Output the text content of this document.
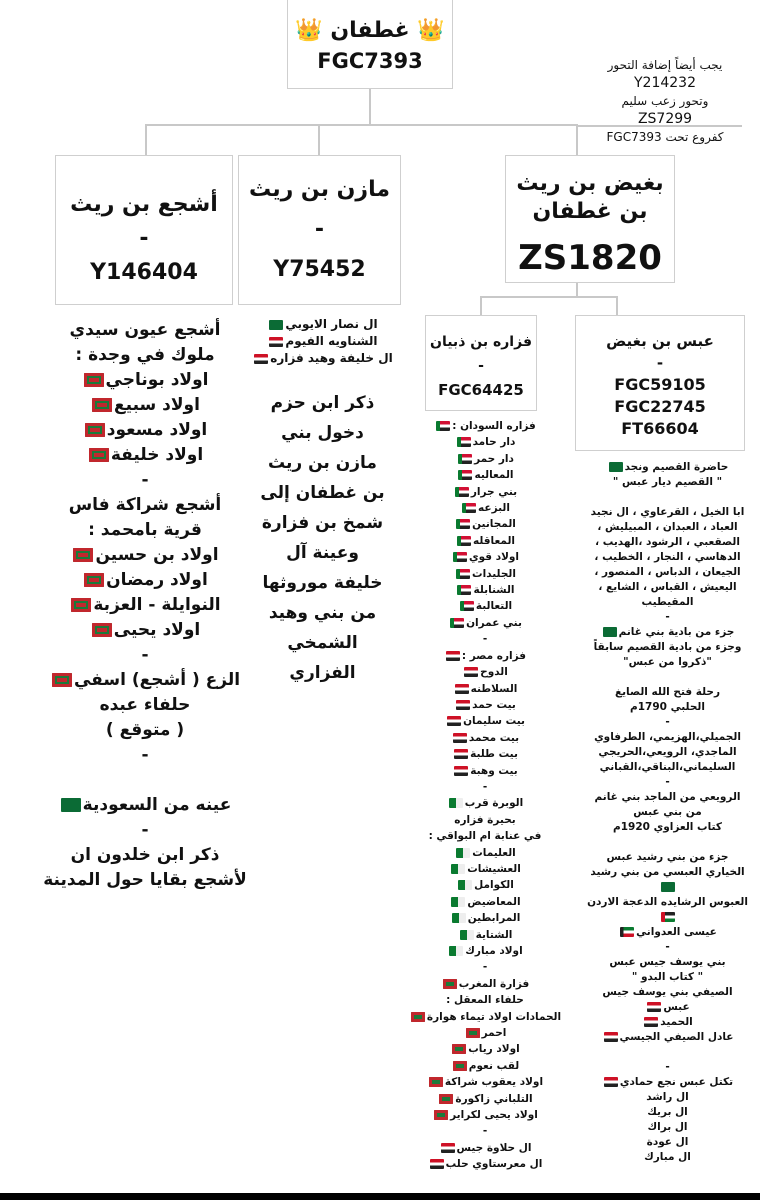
👑 غطفان 👑
FGC7393	يجب أيضاً إضافة التحور
Y214232
وتحور زعب سليم
ZS7299
كفروع تحت FGC7393
أشجع بن ريث
-
Y146404
مازن بن ريث
-
Y75452
بغيض بن ريث
بن غطفان
ZS1820
فزاره بن ذبيان
-
FGC64425
عبس بن بغيض
-
FGC59105
FGC22745
FT66604
أشجع عيون سيدي
ملوك في وجدة :
اولاد بوناجي
اولاد سبيع
اولاد مسعود
اولاد خليفة
-
أشجع شراكة فاس
قرية بامحمد :
اولاد بن حسين
اولاد رمضان
النوايلة - العزبة
اولاد يحيى
-
الزع ( أشجع) اسفي
حلفاء عبده
( متوقع )
-

عينه من السعودية
-
ذكر ابن خلدون ان
لأشجع بقايا حول المدينة
ال نصار الايوبي
الشناويه الفيوم
ال خليفة وهيد فزاره
ذكر ابن حزم
دخول بني
مازن بن ريث
بن غطفان إلى
شمخ بن فزارة
وعينة آل
خليفة موروثها
من بني وهيد
الشمخي
الفزاري
فزاره السودان :
دار حامد
دار حمر
المعاليه
بني جرار
البزعه
المجانين
المعاقله
اولاد قوي
الجليدات
الشنابلة
التعالبة
بني عمران
-
فزاره مصر :
الدوح
السلاطنه
بيت حمد
بيت سليمان
بيت محمد
بيت طلبة
بيت وهبة
-
الوبرة قرب
بحيرة فزاره
في عنابة ام البواقي :
العليمات
العشيشات
الكوامل
المعاضيض
المرابطين
الشتاية
اولاد مبارك
-
فزارة المغرب
حلفاء المعقل :
الحمادات اولاد تيماء هوارة
احمر
اولاد رياب
لقب نعوم
اولاد يعقوب شراكة
التلباني زاكورة
اولاد يحيى لكراير
-
ال حلاوة جيس
ال معرستاوي حلب
حاضرة القصيم ونجد
" القصيم ديار عبس "

ابا الخيل ، القرعاوي ، ال نجيد
العباد ، العبدان ، المبيليش ،
الصقعبي ، الرشود ،الهديب ،
الدهاسي ، النجار ، الخطيب ،
الجيعان ، الدباس ، المنصور ،
اليعيش ، القباس ، الشايع ،
المقيطيب
-
جزء من بادية بني غانم
وجزء من بادية القصيم سابقاً
"ذكروا من عبس"

رحلة فتح الله الصايغ
الحلبي 1790م
-
الجميلي،الهزيمي، الطرفاوي
الماجدي، الرويعي،الحريجي
السليماني،البناقي،القباني
-
الرويعي من الماجد بني غانم
من بني عبس
كتاب العزاوي 1920م

جزء من بني رشيد عبس
الخياري العبسي من بني رشيد
العبوس الرشايده الدعجة الاردن
عيسى العدواني
-
بني يوسف جيس عبس
" كتاب البدو "
الصيفي بني يوسف جيس
عبس
الحميد
عادل الصيفي الجيسي

-
تكتل عبس نجع حمادي
ال راشد
ال بريك
ال براك
ال عودة
ال مبارك
